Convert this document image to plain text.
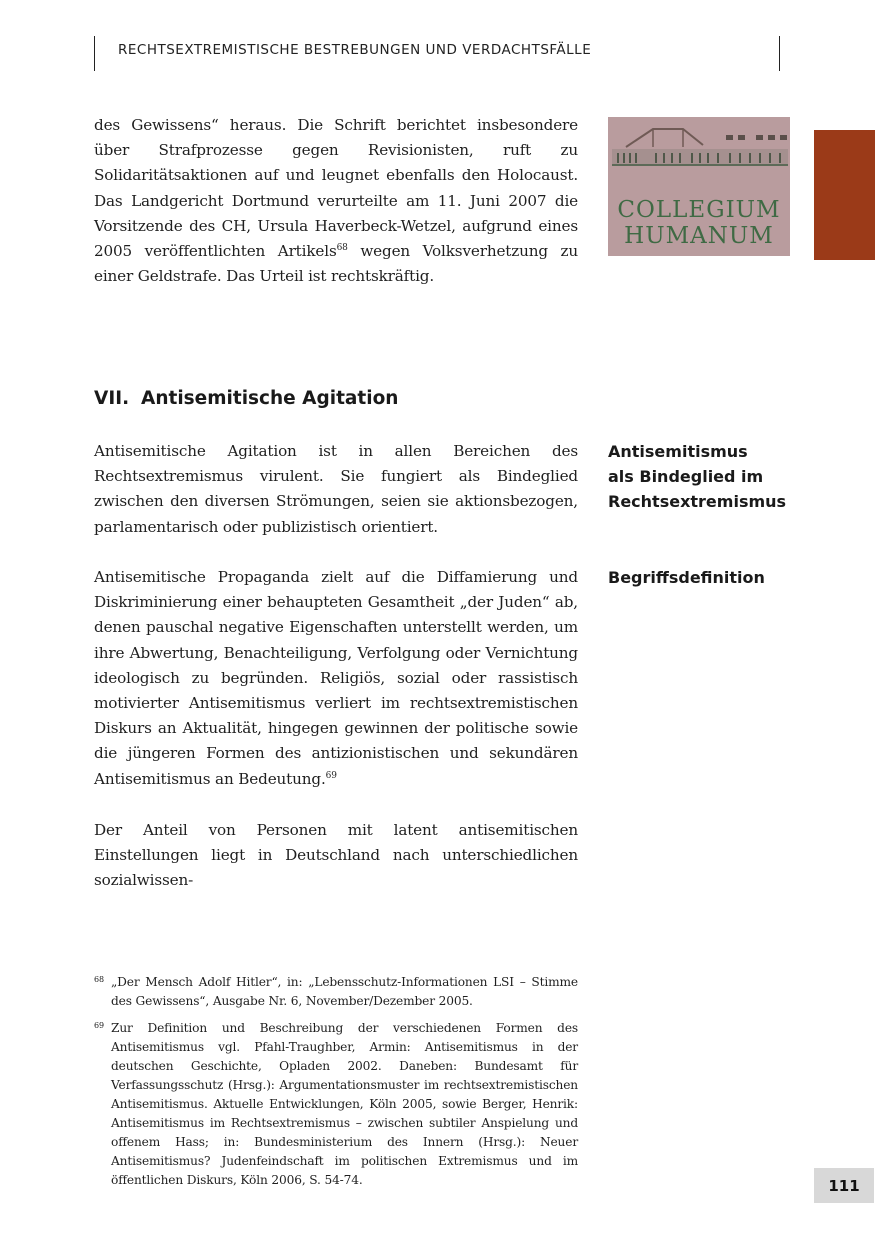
RECHTSEXTREMISTISCHE BESTREBUNGEN UND VERDACHTSFÄLLE

des Gewissens“ heraus. Die Schrift berichtet insbesondere über Strafprozesse gegen Revisionisten, ruft zu Solidaritätsaktionen auf und leugnet ebenfalls den Holocaust. Das Landgericht Dortmund verurteilte am 11. Juni 2007 die Vorsitzende des CH, Ursula Haverbeck-Wetzel, aufgrund eines 2005 veröffentlichten Artikels$^{68}$ wegen Volksverhetzung zu einer Geldstrafe. Das Urteil ist rechtskräftig.

COLLEGIUM
HUMANUM
VII. Antisemitische Agitation
Antisemitismus
als Bindeglied im
Rechtsextremismus
Begriffsdefinition

Antisemitische Agitation ist in allen Bereichen des Rechtsextremismus virulent. Sie fungiert als Bindeglied zwischen den diversen Strömungen, seien sie aktionsbezogen, parlamentarisch oder publizistisch orientiert.

Antisemitische Propaganda zielt auf die Diffamierung und Diskriminierung einer behaupteten Gesamtheit „der Juden“ ab, denen pauschal negative Eigenschaften unterstellt werden, um ihre Abwertung, Benachteiligung, Verfolgung oder Vernichtung ideologisch zu begründen. Religiös, sozial oder rassistisch motivierter Antisemitismus verliert im rechtsextremistischen Diskurs an Aktualität, hingegen gewinnen der politische sowie die jüngeren Formen des antizionistischen und sekundären Antisemitismus an Bedeutung.$^{69}$

Der Anteil von Personen mit latent antisemitischen Einstellungen liegt in Deutschland nach unterschiedlichen sozialwissen-

68 „Der Mensch Adolf Hitler“, in: „Lebensschutz-Informationen LSI – Stimme des Gewissens“, Ausgabe Nr. 6, November/Dezember 2005.

69 Zur Definition und Beschreibung der verschiedenen Formen des Antisemitismus vgl. Pfahl-Traughber, Armin: Antisemitismus in der deutschen Geschichte, Opladen 2002. Daneben: Bundesamt für Verfassungsschutz (Hrsg.): Argumentationsmuster im rechtsextremistischen Antisemitismus. Aktuelle Entwicklungen, Köln 2005, sowie Berger, Henrik: Antisemitismus im Rechtsextremismus – zwischen subtiler Anspielung und offenem Hass; in: Bundesministerium des Innern (Hrsg.): Neuer Antisemitismus? Judenfeindschaft im politischen Extremismus und im öffentlichen Diskurs, Köln 2006, S. 54-74.	111
